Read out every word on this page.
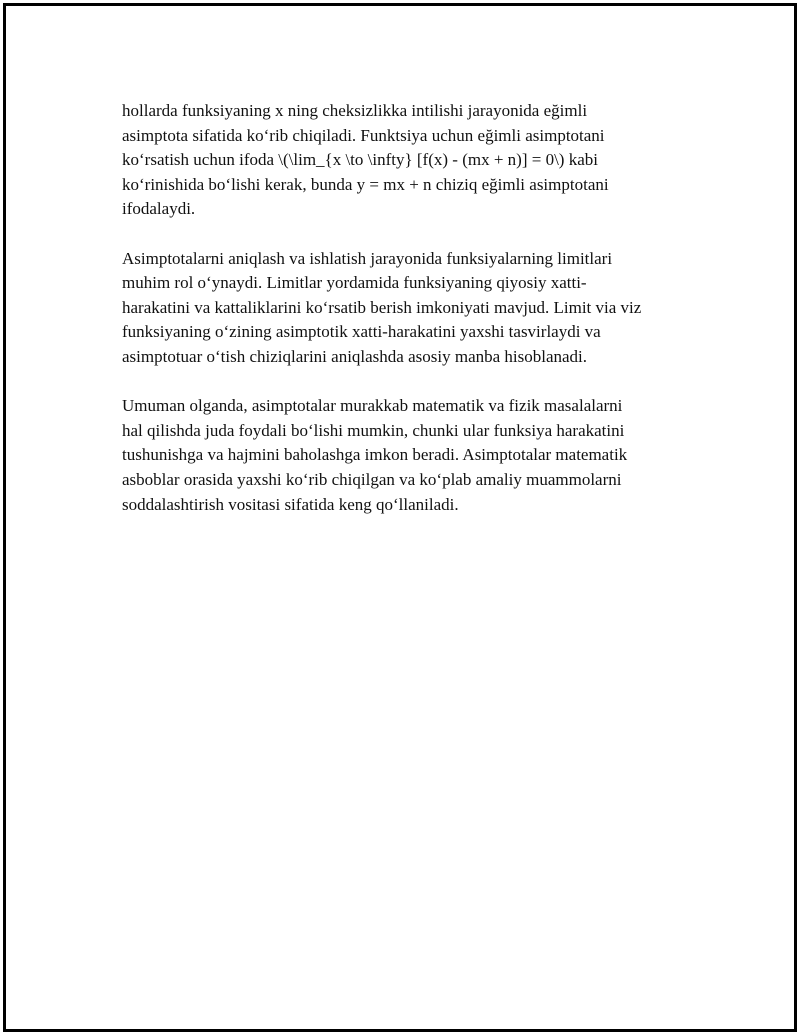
hollarda funksiyaning x ning cheksizlikka intilishi jarayonida eğimli
asimptota sifatida ko‘rib chiqiladi. Funktsiya uchun eğimli asimptotani
ko‘rsatish uchun ifoda \(\lim_{x \to \infty} [f(x) - (mx + n)] = 0\) kabi
ko‘rinishida bo‘lishi kerak, bunda y = mx + n chiziq eğimli asimptotani
ifodalaydi.

Asimptotalarni aniqlash va ishlatish jarayonida funksiyalarning limitlari
muhim rol o‘ynaydi. Limitlar yordamida funksiyaning qiyosiy xatti-
harakatini va kattaliklarini ko‘rsatib berish imkoniyati mavjud. Limit via viz
funksiyaning o‘zining asimptotik xatti-harakatini yaxshi tasvirlaydi va
asimptotuar o‘tish chiziqlarini aniqlashda asosiy manba hisoblanadi.

Umuman olganda, asimptotalar murakkab matematik va fizik masalalarni
hal qilishda juda foydali bo‘lishi mumkin, chunki ular funksiya harakatini
tushunishga va hajmini baholashga imkon beradi. Asimptotalar matematik
asboblar orasida yaxshi ko‘rib chiqilgan va ko‘plab amaliy muammolarni
soddalashtirish vositasi sifatida keng qo‘llaniladi.
